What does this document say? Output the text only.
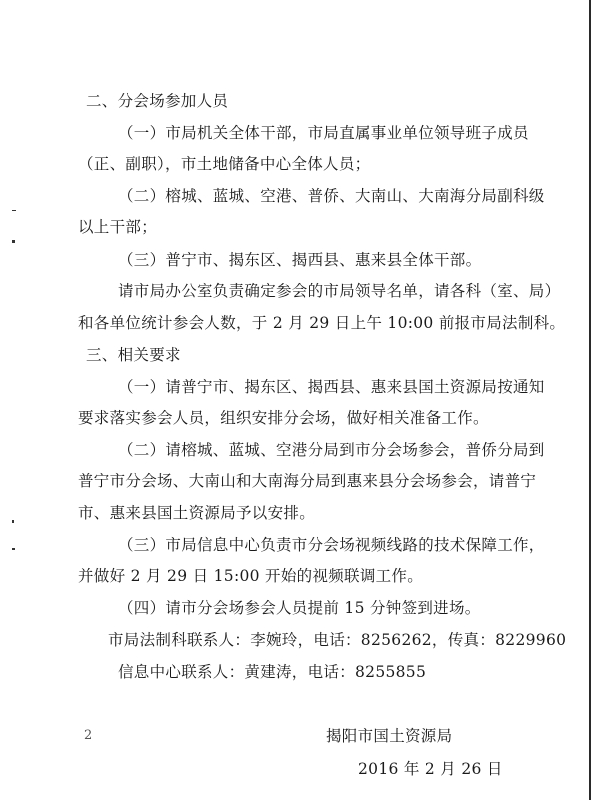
二、分会场参加人员
（一）市局机关全体干部，市局直属事业单位领导班子成员
（正、副职），市土地储备中心全体人员；
（二）榕城、蓝城、空港、普侨、大南山、大南海分局副科级
以上干部；
（三）普宁市、揭东区、揭西县、惠来县全体干部。
请市局办公室负责确定参会的市局领导名单，请各科（室、局）
和各单位统计参会人数，于 2 月 29 日上午 10:00 前报市局法制科。
三、相关要求
（一）请普宁市、揭东区、揭西县、惠来县国土资源局按通知
要求落实参会人员，组织安排分会场，做好相关准备工作。
（二）请榕城、蓝城、空港分局到市分会场参会，普侨分局到
普宁市分会场、大南山和大南海分局到惠来县分会场参会，请普宁
市、惠来县国土资源局予以安排。
（三）市局信息中心负责市分会场视频线路的技术保障工作，
并做好 2 月 29 日 15:00 开始的视频联调工作。
（四）请市分会场参会人员提前 15 分钟签到进场。
市局法制科联系人：李婉玲，电话：8256262，传真：8229960
信息中心联系人：黄建涛，电话：8255855
揭阳市国土资源局
2016 年 2 月 26 日
2
